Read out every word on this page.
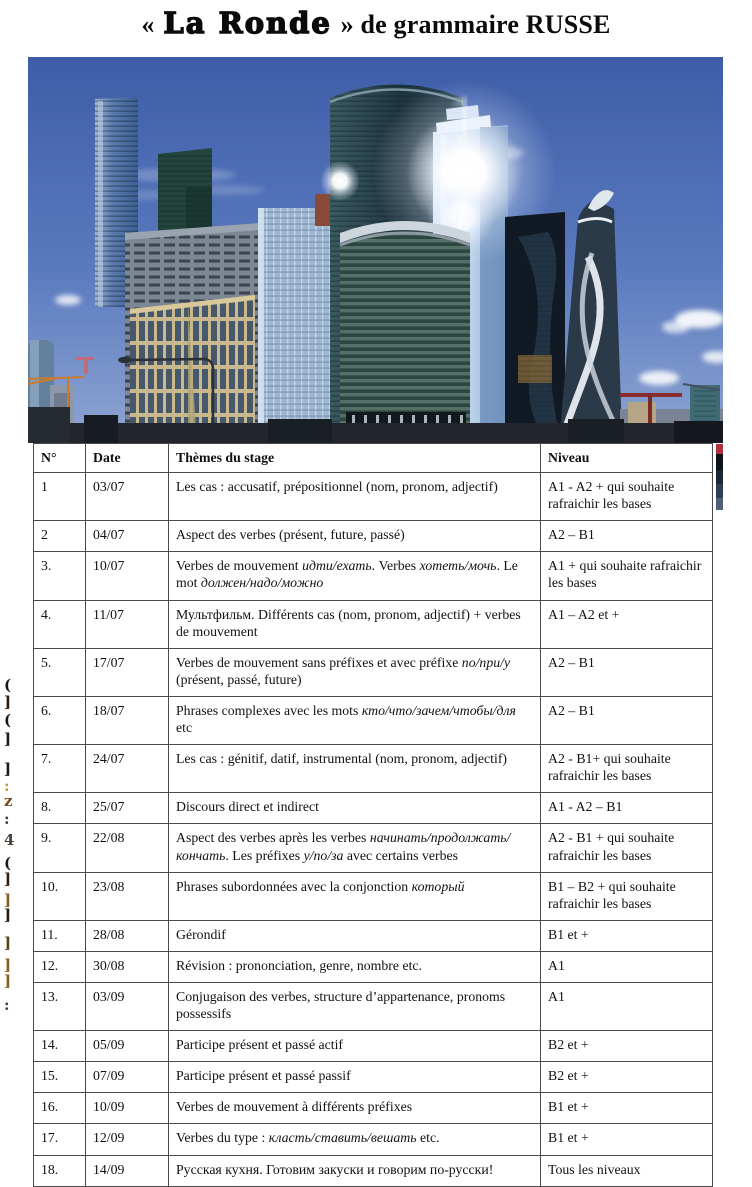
« La Ronde » de grammaire RUSSE
N°	Date	Thèmes du stage	Niveau
1	03/07	Les cas : accusatif, prépositionnel (nom, pronom, adjectif)	A1 - A2 + qui souhaite rafraichir les bases
2	04/07	Aspect des verbes (présent, future, passé)	A2 – B1
3.	10/07	Verbes de mouvement идти/ехать. Verbes хотеть/мочь. Le mot должен/надо/можно	A1 + qui souhaite rafraichir les bases
4.	11/07	Мультфильм. Différents cas (nom, pronom, adjectif) + verbes de mouvement	A1 – A2 et +
5.	17/07	Verbes de mouvement sans préfixes et avec préfixe по/при/у (présent, passé, future)	A2 – B1
6.	18/07	Phrases complexes avec les mots кто/что/зачем/чтобы/для etc	A2 – B1
7.	24/07	Les cas : génitif, datif, instrumental (nom, pronom, adjectif)	A2 - B1+ qui souhaite rafraichir les bases
8.	25/07	Discours direct et indirect	A1 - A2 – B1
9.	22/08	Aspect des verbes après les verbes начинать/продолжать/кончать. Les préfixes у/по/за avec certains verbes	A2 - B1 + qui souhaite rafraichir les bases
10.	23/08	Phrases subordonnées avec la conjonction который	B1 – B2 + qui souhaite rafraichir les bases
11.	28/08	Gérondif	B1 et +
12.	30/08	Révision : prononciation, genre, nombre etc.	A1
13.	03/09	Conjugaison des verbes, structure d’appartenance, pronoms possessifs	A1
14.	05/09	Participe présent et passé actif	B2 et +
15.	07/09	Participe présent et passé passif	B2 et +
16.	10/09	Verbes de mouvement à différents préfixes	B1 et +
17.	12/09	Verbes du type : класть/ставить/вешать etc.	B1 et +
18.	14/09	Русская кухня. Готовим закуски и говорим по-русски!	Tous les niveaux
(
]
(
]
]
:
z
:
4
(
]
]
]
]
]
]
:
